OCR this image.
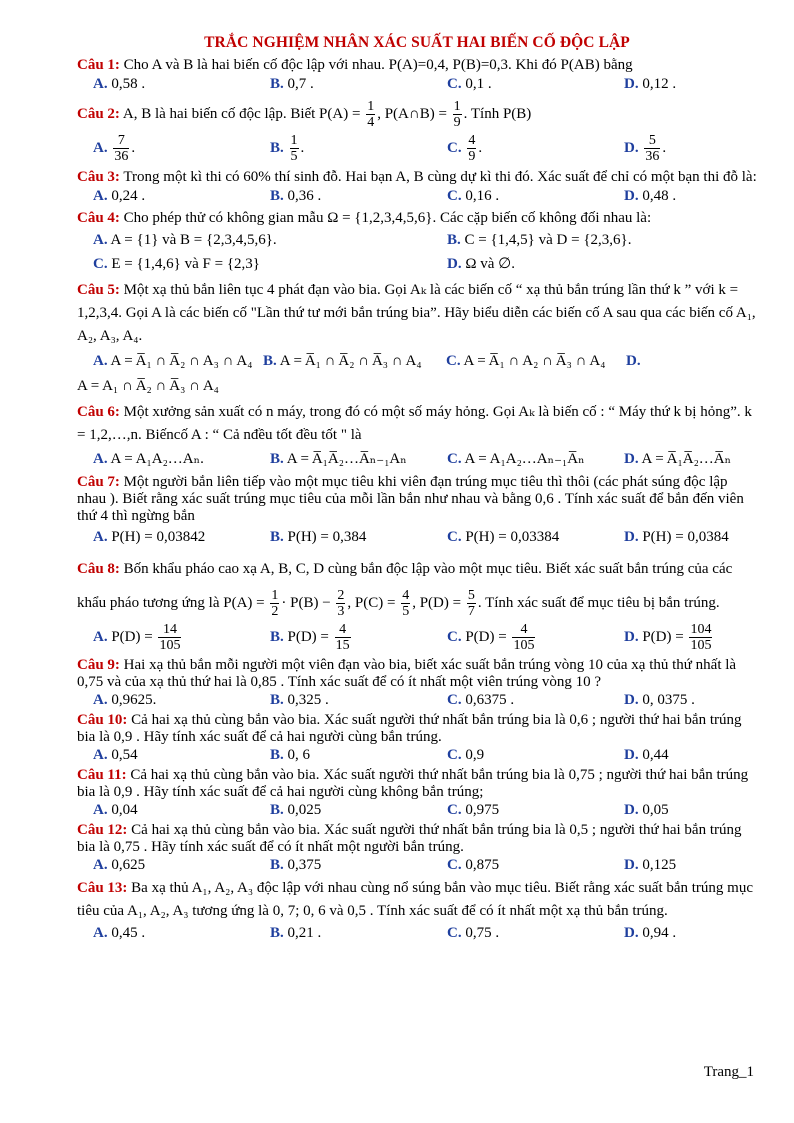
TRẮC NGHIỆM NHÂN XÁC SUẤT HAI BIẾN CỐ ĐỘC LẬP
Câu 1: Cho A và B là hai biến cố độc lập với nhau. P(A)=0,4, P(B)=0,3. Khi đó P(AB) bằng
A. 0,58 .	B. 0,7 .	C. 0,1 .	D. 0,12 .
Câu 2: A, B là hai biến cố độc lập. Biết $P(A) = \frac{1}{4}$ , P(A∩B) = $\frac{1}{9}$ . Tính P(B)
A. $\frac{7}{36}$ .	B. $\frac{1}{5}$ .	C. $\frac{4}{9}$ .	D. $\frac{5}{36}$ .
Câu 3: Trong một kì thi có 60% thí sinh đỗ. Hai bạn A, B cùng dự kì thi đó. Xác suất để chỉ có một bạn thi đỗ là:
A. 0,24 .	B. 0,36 .	C. 0,16 .	D. 0,48 .
Câu 4: Cho phép thử có không gian mẫu Ω = {1,2,3,4,5,6}. Các cặp biến cố không đối nhau là:
A. A = {1} và B = {2,3,4,5,6}.	B. C = {1,4,5} và D = {2,3,6}.
C. E = {1,4,6} và F = {2,3}	D. Ω và ∅.
Câu 5: Một xạ thủ bắn liên tục 4 phát đạn vào bia. Gọi Aₖ là các biến cố “ xạ thủ bắn trúng lần thứ k ” với k = 1,2,3,4. Gọi A là các biến cố "Lần thứ tư mới bắn trúng bia”. Hãy biểu diễn các biến cố A sau qua các biến cố A₁, A₂, A₃, A₄.
A. A = A̅₁ ∩ A̅₂ ∩ A₃ ∩ A₄ B. A = A̅₁ ∩ A̅₂ ∩ A̅₃ ∩ A₄	C. A = A̅₁ ∩ A₂ ∩ A̅₃ ∩ A₄	D.
A = A₁ ∩ A̅₂ ∩ A̅₃ ∩ A₄
Câu 6: Một xưởng sản xuất có n máy, trong đó có một số máy hỏng. Gọi Aₖ là biến cố : “ Máy thứ k bị hỏng”. k = 1,2,…,n. Biếncố A : “ Cả nđều tốt đều tốt " là
A. A = A₁A₂…Aₙ.	B. A = A̅₁A̅₂…A̅ₙ₋₁Aₙ	C. A = A₁A₂…Aₙ₋₁A̅ₙ	D. A = A̅₁A̅₂…A̅ₙ
Câu 7: Một người bắn liên tiếp vào một mục tiêu khi viên đạn trúng mục tiêu thì thôi (các phát súng độc lập nhau ). Biết rằng xác suất trúng mục tiêu của mỗi lần bắn như nhau và bằng 0,6 . Tính xác suất để bắn đến viên thứ 4 thì ngừng bắn
A. P(H) = 0,03842	B. P(H) = 0,384	C. P(H) = 0,03384	D. P(H) = 0,0384
Câu 8: Bốn khẩu pháo cao xạ A, B, C, D cùng bắn độc lập vào một mục tiêu. Biết xác suất bắn trúng của các khẩu pháo tương ứng là $P(A) = \frac{1}{2} \cdot P(B) - \frac{2}{3}$ , $P(C) = \frac{4}{5}$ , $P(D) = \frac{5}{7}$ . Tính xác suất để mục tiêu bị bắn trúng.
A. $P(D) = \frac{14}{105}$	B. $P(D) = \frac{4}{15}$	C. $P(D) = \frac{4}{105}$	D. $P(D) = \frac{104}{105}$
Câu 9: Hai xạ thủ bắn mỗi người một viên đạn vào bia, biết xác suất bắn trúng vòng 10 của xạ thủ thứ nhất là 0,75 và của xạ thủ thứ hai là 0,85 . Tính xác suất để có ít nhất một viên trúng vòng 10 ?
A. 0,9625.	B. 0,325 .	C. 0,6375 .	D. 0, 0375 .
Câu 10: Cả hai xạ thủ cùng bắn vào bia. Xác suất người thứ nhất bắn trúng bia là 0,6 ; người thứ hai bắn trúng bia là 0,9 . Hãy tính xác suất để cả hai người cùng bắn trúng.
A. 0,54	B. 0, 6	C. 0,9	D. 0,44
Câu 11: Cả hai xạ thủ cùng bắn vào bia. Xác suất người thứ nhất bắn trúng bia là 0,75 ; người thứ hai bắn trúng bia là 0,9 . Hãy tính xác suất để cả hai người cùng không bắn trúng;
A. 0,04	B. 0,025	C. 0,975	D. 0,05
Câu 12: Cả hai xạ thủ cùng bắn vào bia. Xác suất người thứ nhất bắn trúng bia là 0,5 ; người thứ hai bắn trúng bia là 0,75 . Hãy tính xác suất để có ít nhất một người bắn trúng.
A. 0,625	B. 0,375	C. 0,875	D. 0,125
Câu 13: Ba xạ thủ A₁, A₂, A₃ độc lập với nhau cùng nổ súng bắn vào mục tiêu. Biết rằng xác suất bắn trúng mục tiêu của A₁, A₂, A₃ tương ứng là 0, 7; 0, 6 và 0,5 . Tính xác suất để có ít nhất một xạ thủ bắn trúng.
A. 0,45 .	B. 0,21 .	C. 0,75 .	D. 0,94 .
Trang_1
